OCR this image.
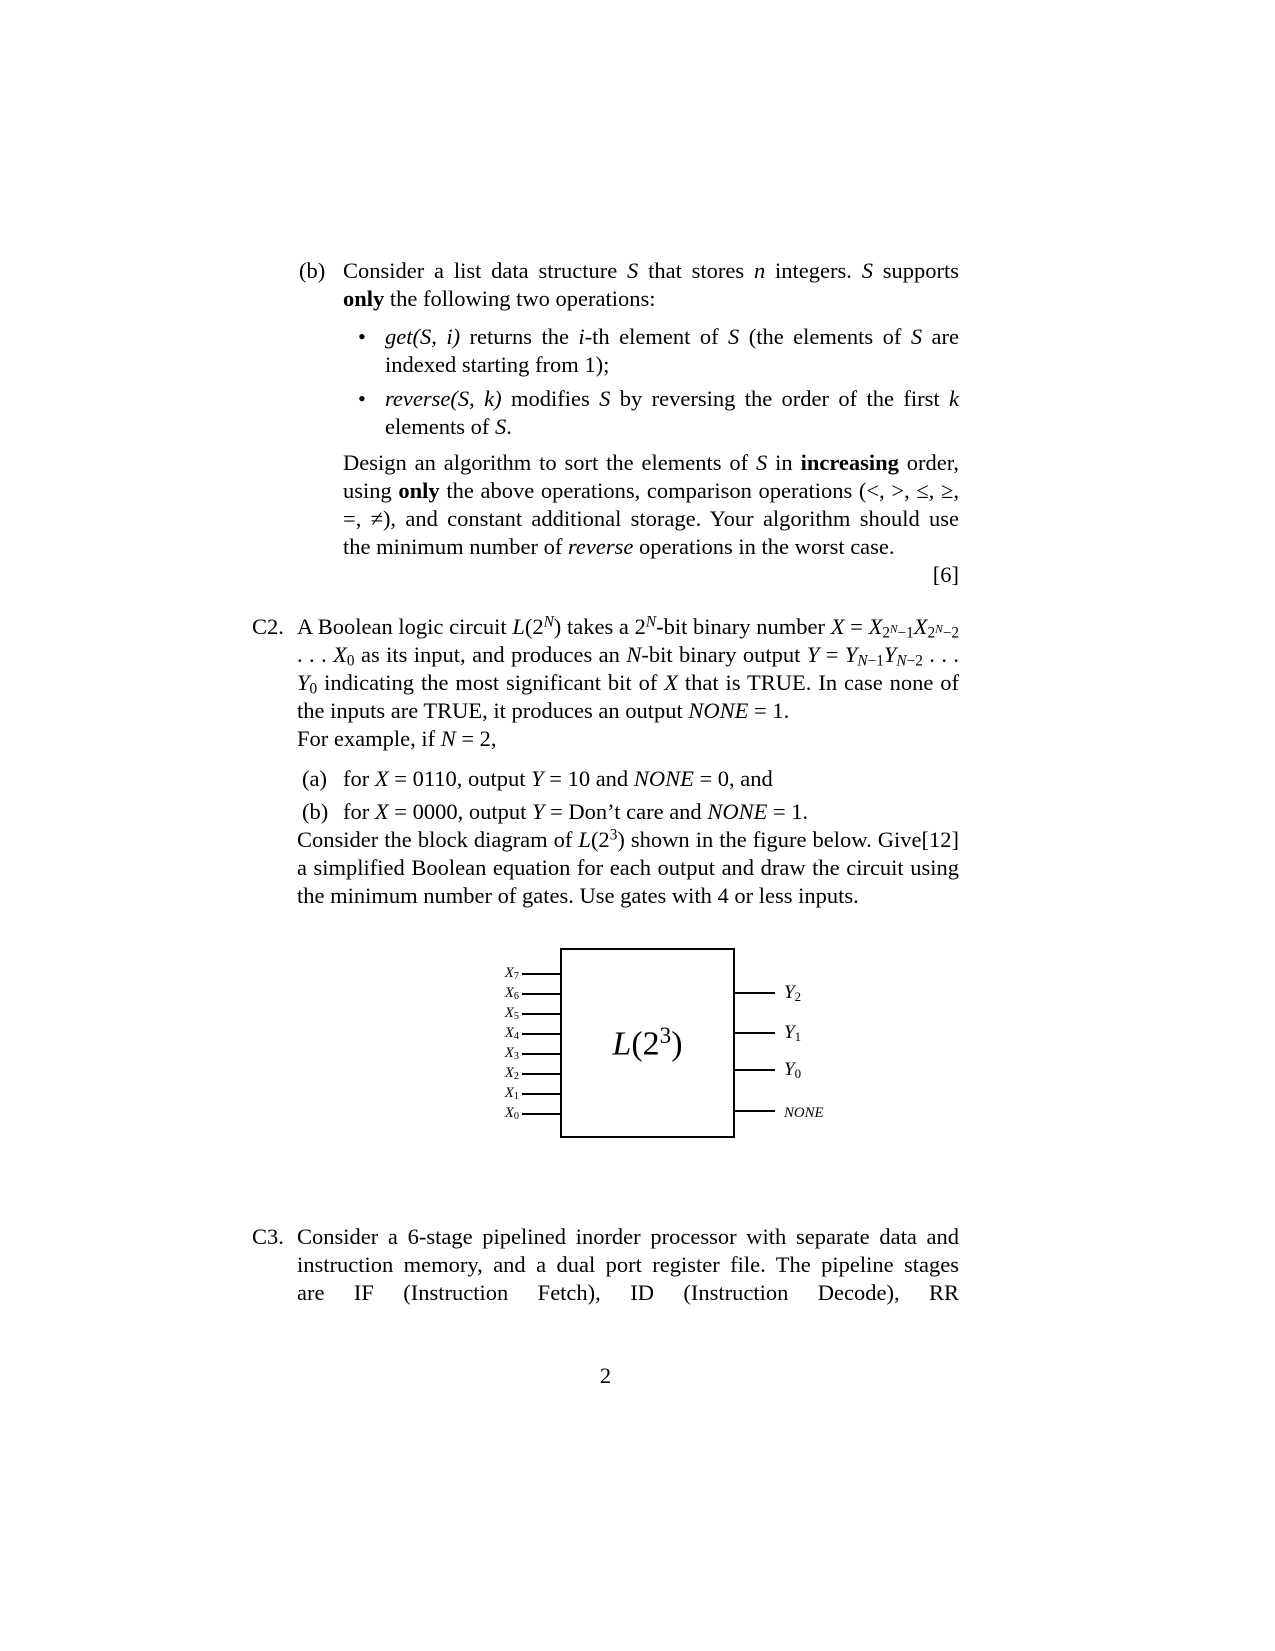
(b) Consider a list data structure S that stores n integers. S supports only the following two operations:

• get(S, i) returns the i-th element of S (the elements of S are indexed starting from 1);
• reverse(S, k) modifies S by reversing the order of the first k elements of S.

Design an algorithm to sort the elements of S in increasing order, using only the above operations, comparison operations (<, >, ≤, ≥, =, ≠), and constant additional storage. Your algorithm should use the minimum number of reverse operations in the worst case.

[6]
C2. A Boolean logic circuit $L(2^N)$ takes a $2^N$-bit binary number X = X2N−1X2N−2 . . . X0 as its input, and produces an N-bit binary output Y = YN−1YN−2 . . . Y0 indicating the most significant bit of X that is TRUE. In case none of the inputs are TRUE, it produces an output NONE = 1.

For example, if N = 2,

(a) for X = 0110, output Y = 10 and NONE = 0, and
(b) for X = 0000, output Y = Don’t care and NONE = 1.

[12]
Consider the block diagram of $L(2^3)$ shown in the figure below. Give a simplified Boolean equation for each output and draw the circuit using the minimum number of gates. Use gates with 4 or less inputs.

$L(2^3)$
X7
X6
X5
X4
X3
X2
X1
X0
Y2
Y1
Y0
NONE
C3. Consider a 6-stage pipelined inorder processor with separate data and
instruction memory, and a dual port register file. The pipeline stages
are IF (Instruction Fetch), ID (Instruction Decode), RR
2
